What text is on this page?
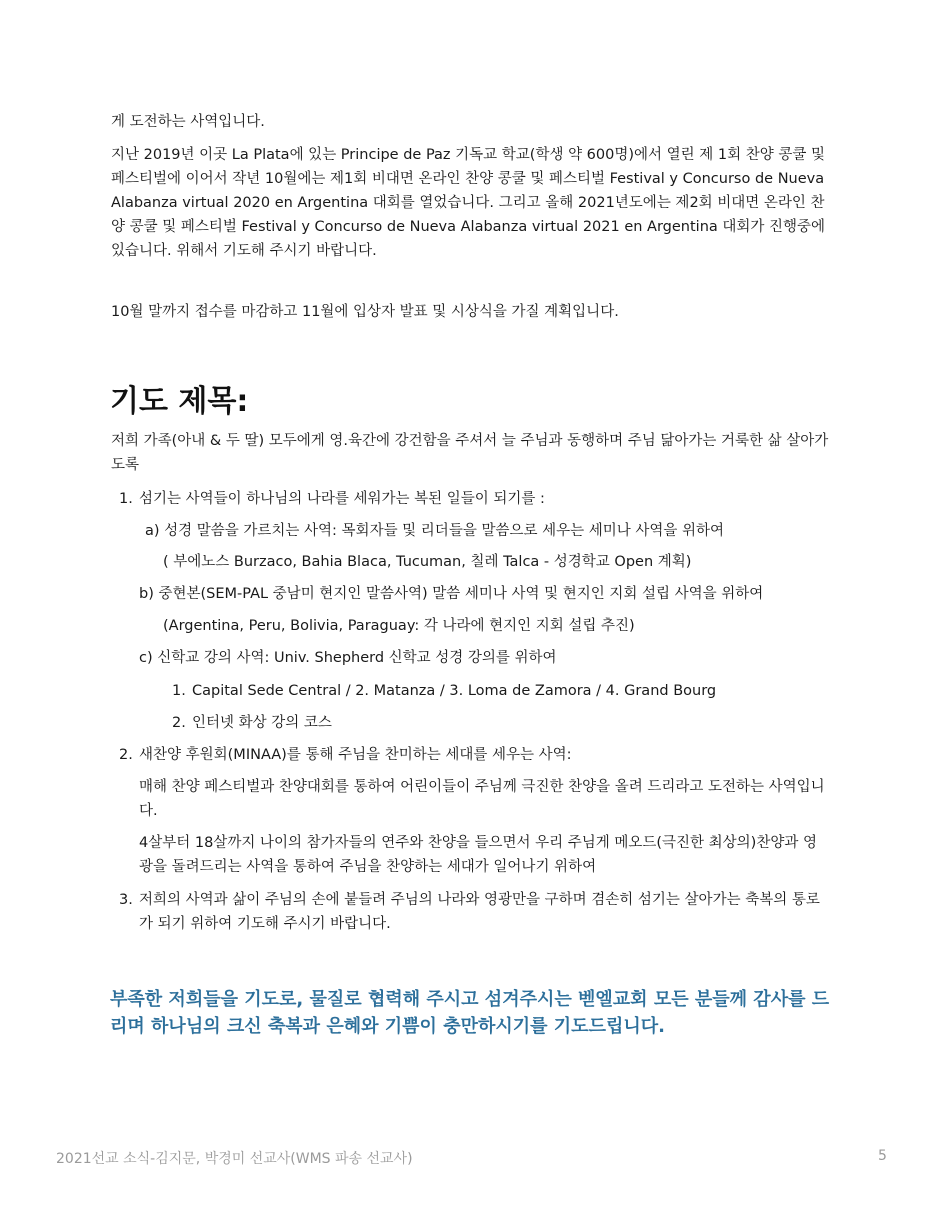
게 도전하는 사역입니다.

지난 2019년 이곳 La Plata에 있는 Principe de Paz 기독교 학교(학생 약 600명)에서 열린 제 1회 찬양 콩쿨 및 페스티벌에 이어서 작년 10월에는 제1회 비대면 온라인 찬양 콩쿨 및 페스티벌 Festival y Concurso de Nueva Alabanza virtual 2020 en Argentina 대회를 열었습니다. 그리고 올해 2021년도에는 제2회 비대면 온라인 찬양 콩쿨 및 페스티벌 Festival y Concurso de Nueva Alabanza virtual 2021 en Argentina 대회가 진행중에 있습니다. 위해서 기도해 주시기 바랍니다.

10월 말까지 접수를 마감하고 11월에 입상자 발표 및 시상식을 가질 계획입니다.

기도 제목:

저희 가족(아내 & 두 딸) 모두에게 영.육간에 강건함을 주셔서 늘 주님과 동행하며 주님 닮아가는 거룩한 삶 살아가도록

1. 섬기는 사역들이 하나님의 나라를 세워가는 복된 일들이 되기를 :

a) 성경 말씀을 가르치는 사역: 목회자들 및 리더들을 말씀으로 세우는 세미나 사역을 위하여

( 부에노스 Burzaco, Bahia Blaca, Tucuman, 칠레 Talca - 성경학교 Open 계획)

b) 중현본(SEM-PAL 중남미 현지인 말씀사역) 말씀 세미나 사역 및 현지인 지회 설립 사역을 위하여

(Argentina, Peru, Bolivia, Paraguay: 각 나라에 현지인 지회 설립 추진)

c) 신학교 강의 사역: Univ. Shepherd 신학교 성경 강의를 위하여

1. Capital Sede Central / 2. Matanza / 3. Loma de Zamora / 4. Grand Bourg

2. 인터넷 화상 강의 코스

2. 새찬양 후원회(MINAA)를 통해 주님을 찬미하는 세대를 세우는 사역:

매해 찬양 페스티벌과 찬양대회를 통하여 어린이들이 주님께 극진한 찬양을 올려 드리라고 도전하는 사역입니다.

4살부터 18살까지 나이의 참가자들의 연주와 찬양을 들으면서 우리 주님게 메오드(극진한 최상의)찬양과 영광을 돌려드리는 사역을 통하여 주님을 찬양하는 세대가 일어나기 위하여

3. 저희의 사역과 삶이 주님의 손에 붙들려 주님의 나라와 영광만을 구하며 겸손히 섬기는 살아가는 축복의 통로가 되기 위하여 기도해 주시기 바랍니다.

부족한 저희들을 기도로, 물질로 협력해 주시고 섬겨주시는 벧엘교회 모든 분들께 감사를 드리며 하나님의 크신 축복과 은혜와 기쁨이 충만하시기를 기도드립니다.

2021선교 소식-김지문, 박경미 선교사(WMS 파송 선교사)	5
